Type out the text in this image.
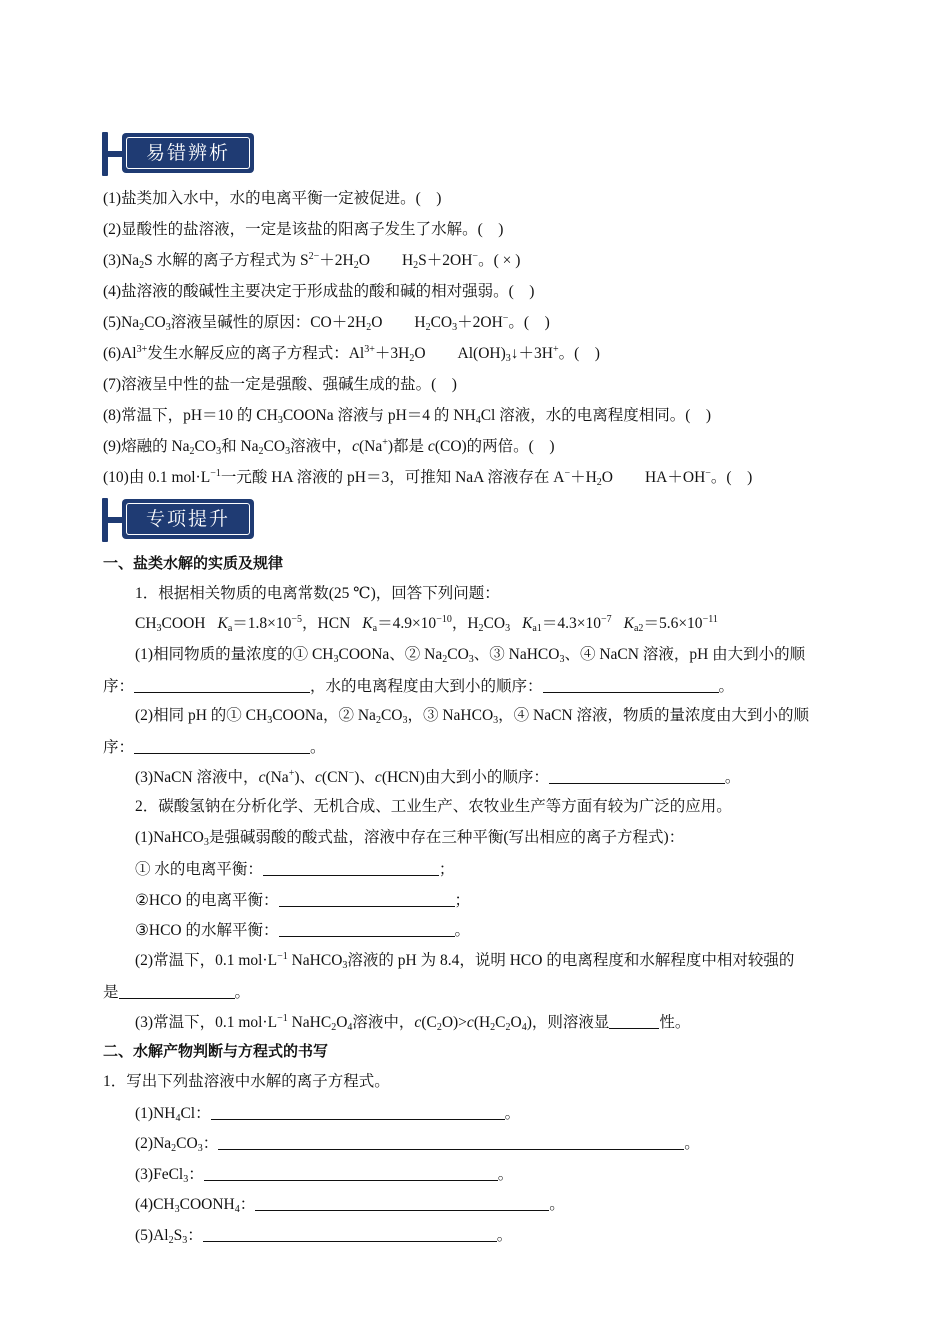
易错辨析
(1)盐类加入水中，水的电离平衡一定被促进。(　)
(2)显酸性的盐溶液，一定是该盐的阳离子发生了水解。(　)
$(3)Na_2S$ 水解的离子方程式为 $S^{2-}+2H_2O$ $H_2S+2OH^-$。( × )
(4)盐溶液的酸碱性主要决定于形成盐的酸和碱的相对强弱。(　)
$(5)Na_2CO_3$溶液呈碱性的原因：$CO+2H_2O$ $H_2CO_3+2OH^-$。(　)
$(6)Al^{3+}$发生水解反应的离子方程式：$Al^{3+}+3H_2O$ $Al(OH)_3↓+3H^+$。(　)
(7)溶液呈中性的盐一定是强酸、强碱生成的盐。(　)
(8)常温下，pH＝10 的 $CH_3COONa$ 溶液与 pH＝4 的 $NH_4Cl$ 溶液，水的电离程度相同。(　)
(9)熔融的 $Na_2CO_3$和 $Na_2CO_3$溶液中，c(Na+)都是 c(CO)的两倍。(　)
(10)由 0.1 $mol\cdot L^{-1}$一元酸 HA 溶液的 pH＝3，可推知 NaA 溶液存在 $A^-+H_2O$ HA＋OH−。(　)
专项提升
一、盐类水解的实质及规律
1．根据相关物质的电离常数(25 ℃)，回答下列问题：
$CH_3COOH$ $K_a=1.8\times 10^{-5}$，HCN $K_a=4.9\times 10^{-10}$，$H_2CO_3$ $K_{a1}=4.3\times 10^{-7}$ $K_{a2}=5.6\times 10^{-11}$
(1)相同物质的量浓度的① $CH_3COONa$、② $Na_2CO_3$、③ NaHCO$_3$、④ NaCN 溶液，pH 由大到小的顺
序：	，水的电离程度由大到小的顺序：	。
(2)相同 pH 的① $CH_3COONa$，② $Na_2CO_3$，③ NaHCO$_3$，④ NaCN 溶液，物质的量浓度由大到小的顺
序：	。
(3)NaCN 溶液中，c(Na+)、c(CN−)、c(HCN)由大到小的顺序：	。
2．碳酸氢钠在分析化学、无机合成、工业生产、农牧业生产等方面有较为广泛的应用。
(1)NaHCO$_3$是强碱弱酸的酸式盐，溶液中存在三种平衡(写出相应的离子方程式)：
① 水的电离平衡：	；
②HCO 的电离平衡：	；
③HCO 的水解平衡：	。
(2)常温下，0.1 $mol\cdot L^{-1}$ NaHCO$_3$溶液的 pH 为 8.4，说明 HCO 的电离程度和水解程度中相对较强的
是	。
(3)常温下，0.1 $mol\cdot L^{-1}$ $NaHC_2O_4$溶液中，$c(C_2O)>c(H_2C_2O_4)$，则溶液显	性。
二、水解产物判断与方程式的书写
1．写出下列盐溶液中水解的离子方程式。
$(1)NH_4Cl$：	。
$(2)Na_2CO_3$：	。
(3)FeCl$_3$：	。
$(4)CH_3COONH_4$：	。
$(5)Al_2S_3$：	。
